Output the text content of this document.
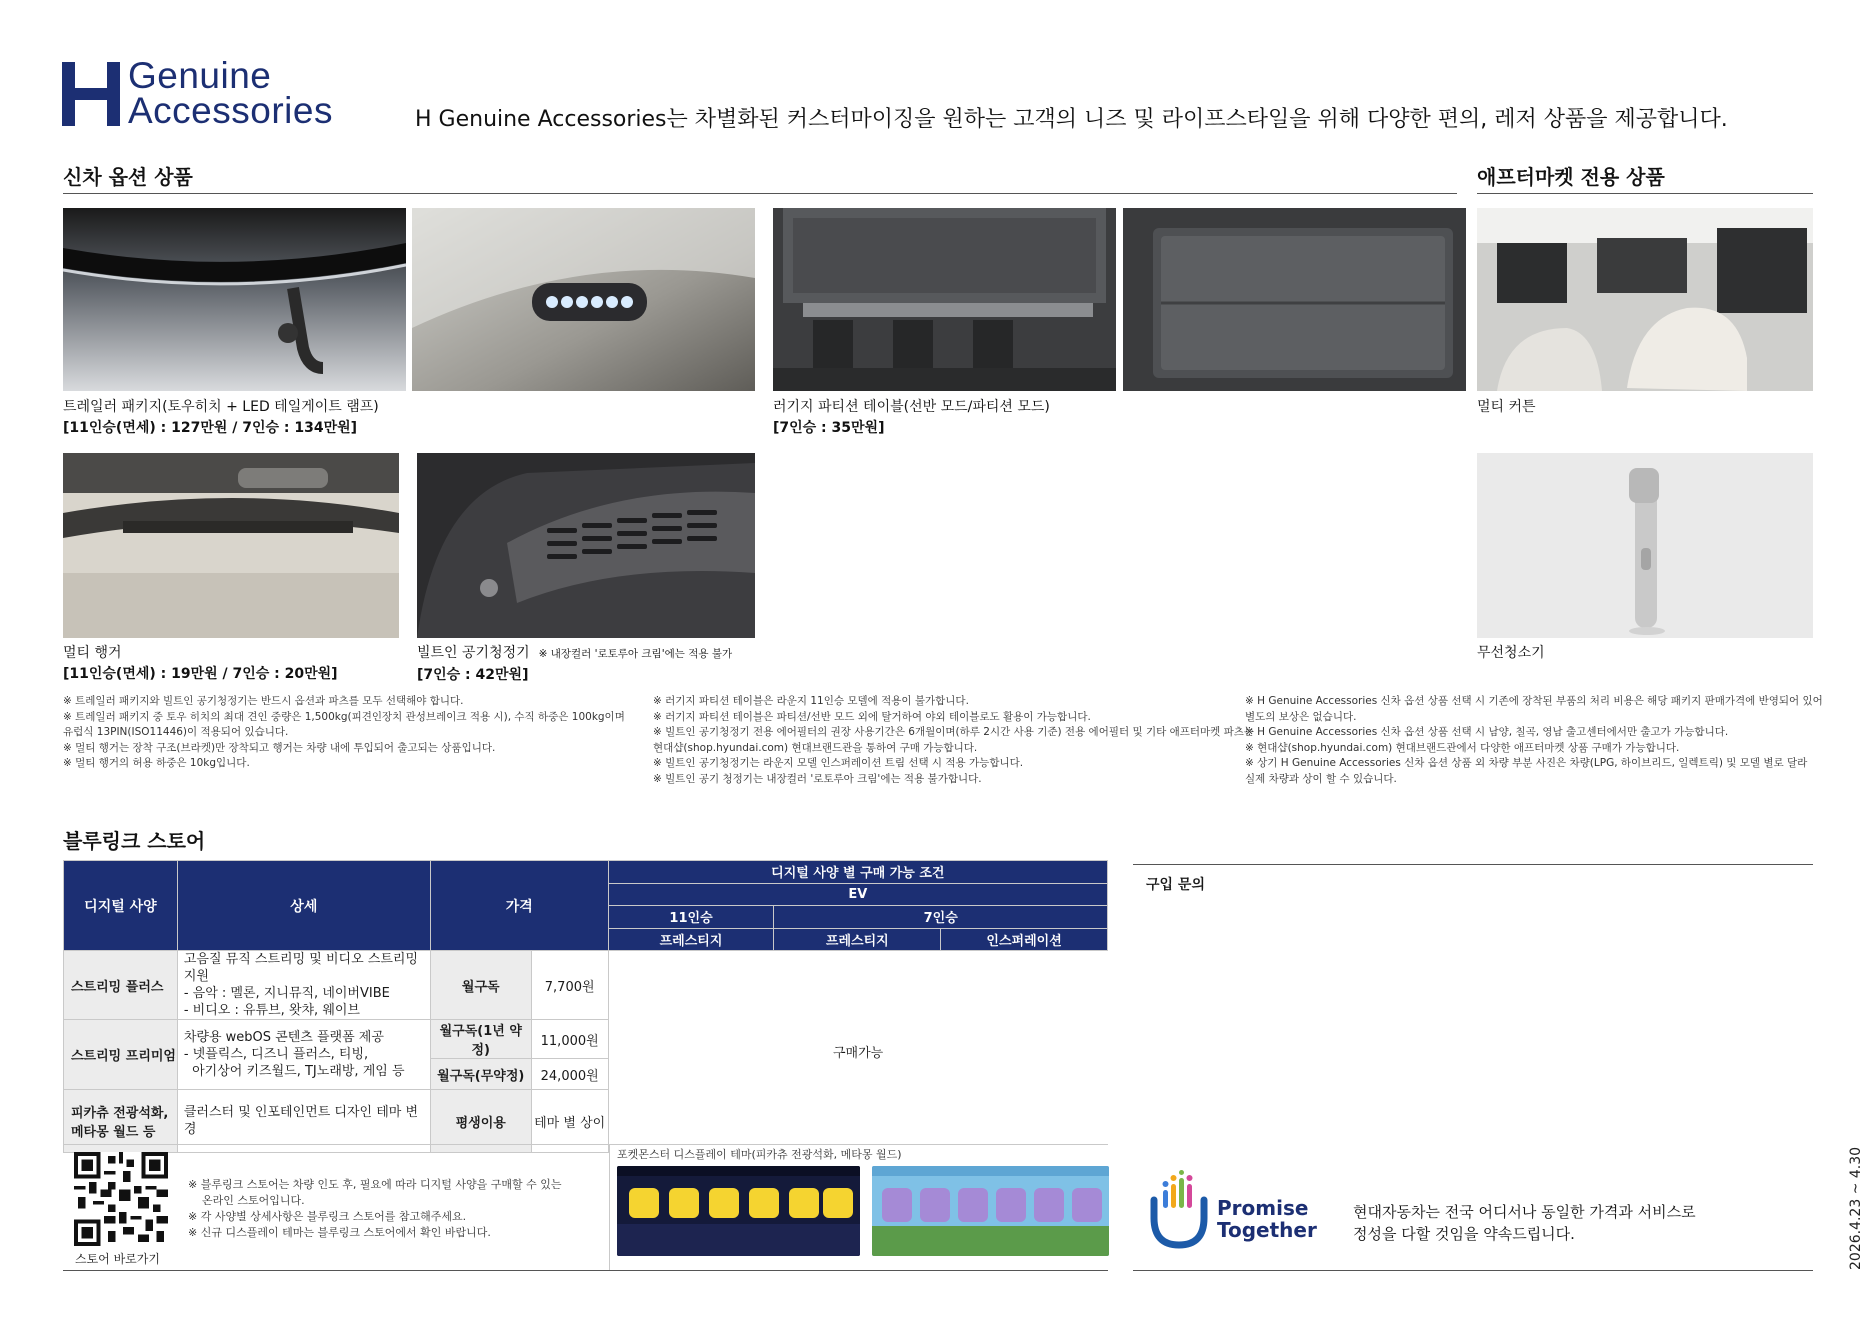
Genuine
Accessories	H Genuine Accessories는 차별화된 커스터마이징을 원하는 고객의 니즈 및 라이프스타일을 위해 다양한 편의, 레저 상품을 제공합니다.
신차 옵션 상품	애프터마켓 전용 상품
트레일러 패키지(토우히치 + LED 테일게이트 램프)
[11인승(면세) : 127만원 / 7인승 : 134만원]
러기지 파티션 테이블(선반 모드/파티션 모드)
[7인승 : 35만원]
멀티 커튼
멀티 행거
[11인승(면세) : 19만원 / 7인승 : 20만원]
빌트인 공기청정기 ※ 내장컬러 '로토루아 크림'에는 적용 불가
[7인승 : 42만원]
무선청소기
※ 트레일러 패키지와 빌트인 공기청정기는 반드시 옵션과 파츠를 모두 선택해야 합니다.
※ 트레일러 패키지 중 토우 히치의 최대 견인 중량은 1,500kg(피견인장치 관성브레이크 적용 시), 수직 하중은 100kg이며
유럽식 13PIN(ISO11446)이 적용되어 있습니다.
※ 멀티 행거는 장착 구조(브라켓)만 장착되고 행거는 차량 내에 투입되어 출고되는 상품입니다.
※ 멀티 행거의 허용 하중은 10kg입니다.
※ 러기지 파티션 테이블은 라운지 11인승 모델에 적용이 불가합니다.
※ 러기지 파티션 테이블은 파티션/선반 모드 외에 탈거하여 야외 테이블로도 활용이 가능합니다.
※ 빌트인 공기청정기 전용 에어필터의 권장 사용기간은 6개월이며(하루 2시간 사용 기준) 전용 에어필터 및 기타 애프터마켓 파츠는
현대샵(shop.hyundai.com) 현대브랜드관을 통하여 구매 가능합니다.
※ 빌트인 공기청정기는 라운지 모델 인스퍼레이션 트림 선택 시 적용 가능합니다.
※ 빌트인 공기 청정기는 내장컬러 '로토루아 크림'에는 적용 불가합니다.
※ H Genuine Accessories 신차 옵션 상품 선택 시 기존에 장착된 부품의 처리 비용은 해당 패키지 판매가격에 반영되어 있어
별도의 보상은 없습니다.
※ H Genuine Accessories 신차 옵션 상품 선택 시 남양, 칠곡, 영남 출고센터에서만 출고가 가능합니다.
※ 현대샵(shop.hyundai.com) 현대브랜드관에서 다양한 애프터마켓 상품 구매가 가능합니다.
※ 상기 H Genuine Accessories 신차 옵션 상품 외 차량 부분 사진은 차량(LPG, 하이브리드, 일렉트릭) 및 모델 별로 달라
실제 차량과 상이 할 수 있습니다.
블루링크 스토어
디지털 사양	상세	가격		디지털 사양 별 구매 가능 조건		
				EV		
				11인승	7인승	
				프레스티지	프레스티지	인스퍼레이션
스트리밍 플러스	고음질 뮤직 스트리밍 및 비디오 스트리밍 지원
- 음악 : 멜론, 지니뮤직, 네이버VIBE
- 비디오 : 유튜브, 왓챠, 웨이브	월구독	7,700원	구매가능		
스트리밍 프리미엄	차량용 webOS 콘텐츠 플랫폼 제공
- 넷플릭스, 디즈니 플러스, 티빙,
아기상어 키즈월드, TJ노래방, 게임 등	월구독(1년 약정)	11,000원			
		월구독(무약정)	24,000원			

피카츄 전광석화,
메타몽 월드 등	클러스터 및 인포테인먼트 디자인 테마 변경	평생이용	테마 별 상이			
스토어 바로가기
※ 블루링크 스토어는 차량 인도 후, 필요에 따라 디지털 사양을 구매할 수 있는
온라인 스토어입니다.
※ 각 사양별 상세사항은 블루링크 스토어를 참고해주세요.
※ 신규 디스플레이 테마는 블루링크 스토어에서 확인 바랍니다.
포켓몬스터 디스플레이 테마(피카츄 전광석화, 메타몽 월드)
구입 문의
Promise
Together
현대자동차는 전국 어디서나 동일한 가격과 서비스로
정성을 다할 것임을 약속드립니다.	2026.4.23 ~ 4.30
